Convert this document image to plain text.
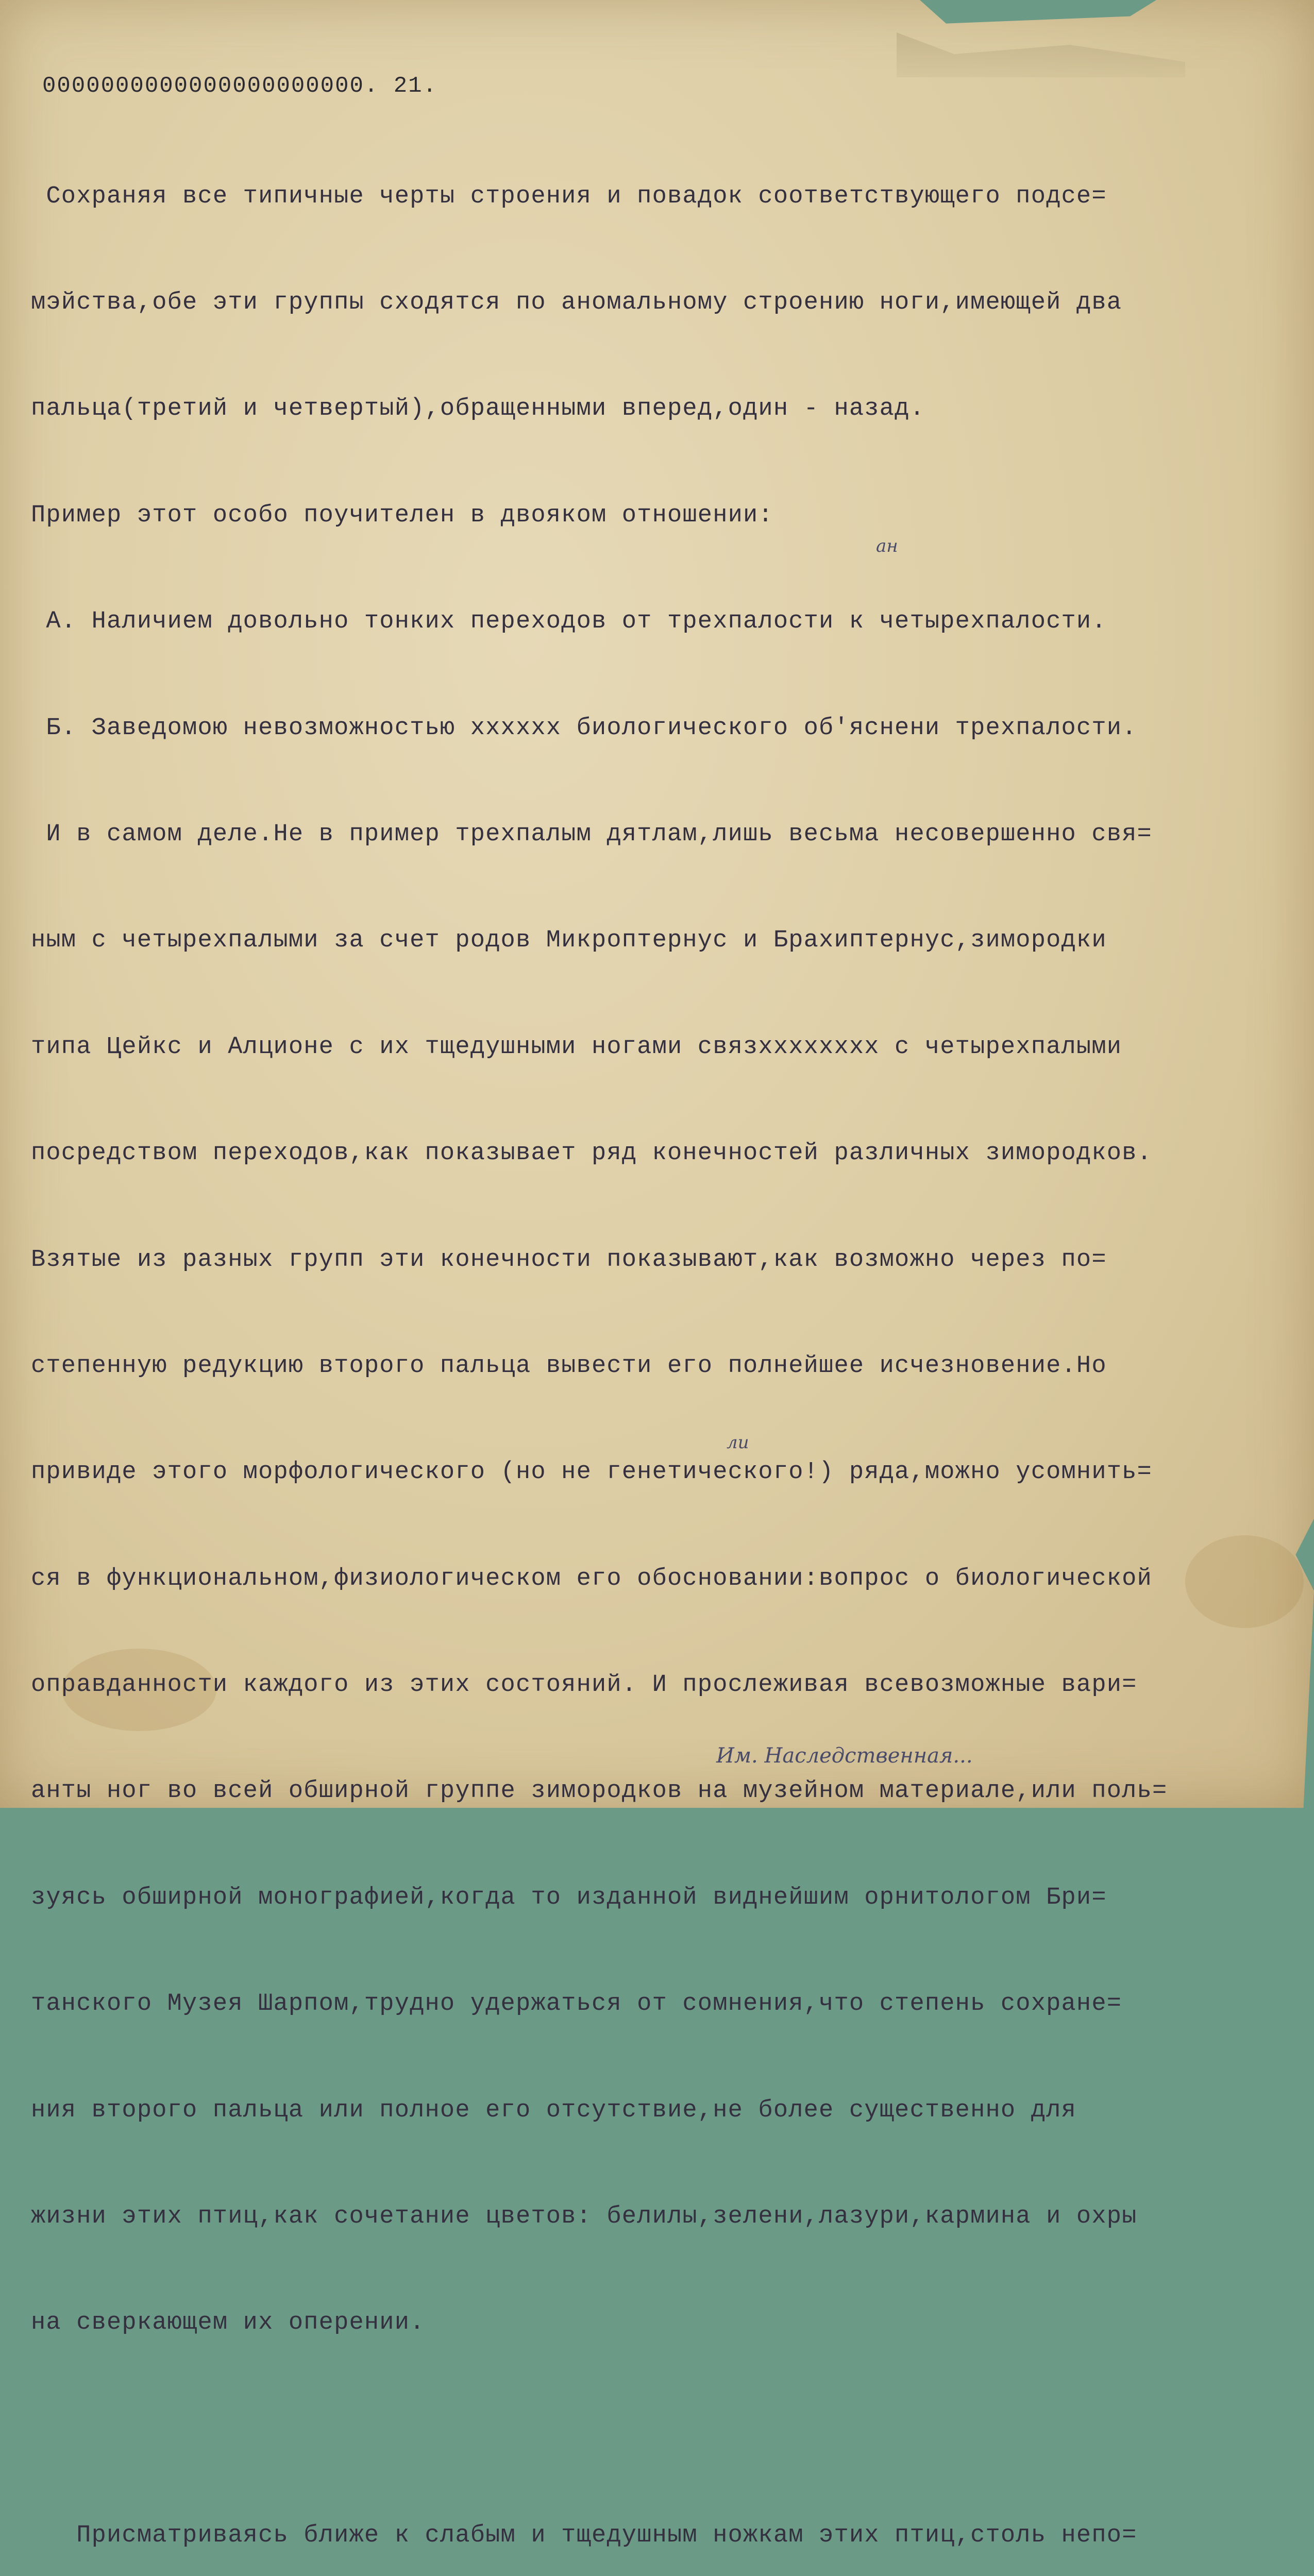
0000000000000000000000. 21.

Сохраняя все типичные черты строения и повадок соответствующего подсе=

мэйства,обе эти группы сходятся по аномальному строению ноги,имеющей два

пальца(третий и четвертый),обращенными вперед,один - назад.

Пример этот особо поучителен в двояком отношении:

А. Наличием довольно тонких переходов от трехпалости к четырехпалости.

Б. Заведомою невозможностью хххххх биологического об'яснени трехпалости.

И в самом деле.Не в пример трехпалым дятлам,лишь весьма несовершенно свя=

ным с четырехпалыми за счет родов Микроптернус и Брахиптернус,зимородки

типа Цейкс и Алционе с их тщедушными ногами связхххххххх с четырехпалыми

посредством переходов,как показывает ряд конечностей различных зимородков.

Взятые из разных групп эти конечности показывают,как возможно через по=

степенную редукцию второго пальца вывести его полнейшее исчезновение.Но

привиде этого морфологического (но не генетического!) ряда,можно усомнить=

ся в функциональном,физиологическом его обосновании:вопрос о биологической

оправданности каждого из этих состояний. И прослеживая всевозможные вари=

анты ног во всей обширной группе зимородков на музейном материале,или поль=

зуясь обширной монографией,когда то изданной виднейшим орнитологом Бри=

танского Музея Шарпом,трудно удержаться от сомнения,что степень сохране=

ния второго пальца или полное его отсутствие,не более существенно для

жизни этих птиц,как сочетание цветов: белилы,зелени,лазури,кармина и охры

на сверкающем их оперении.

Присматриваясь ближе к слабым и тщедушным ножкам этих птиц,столь непо=

ан
ли
Им. Наследственная...
